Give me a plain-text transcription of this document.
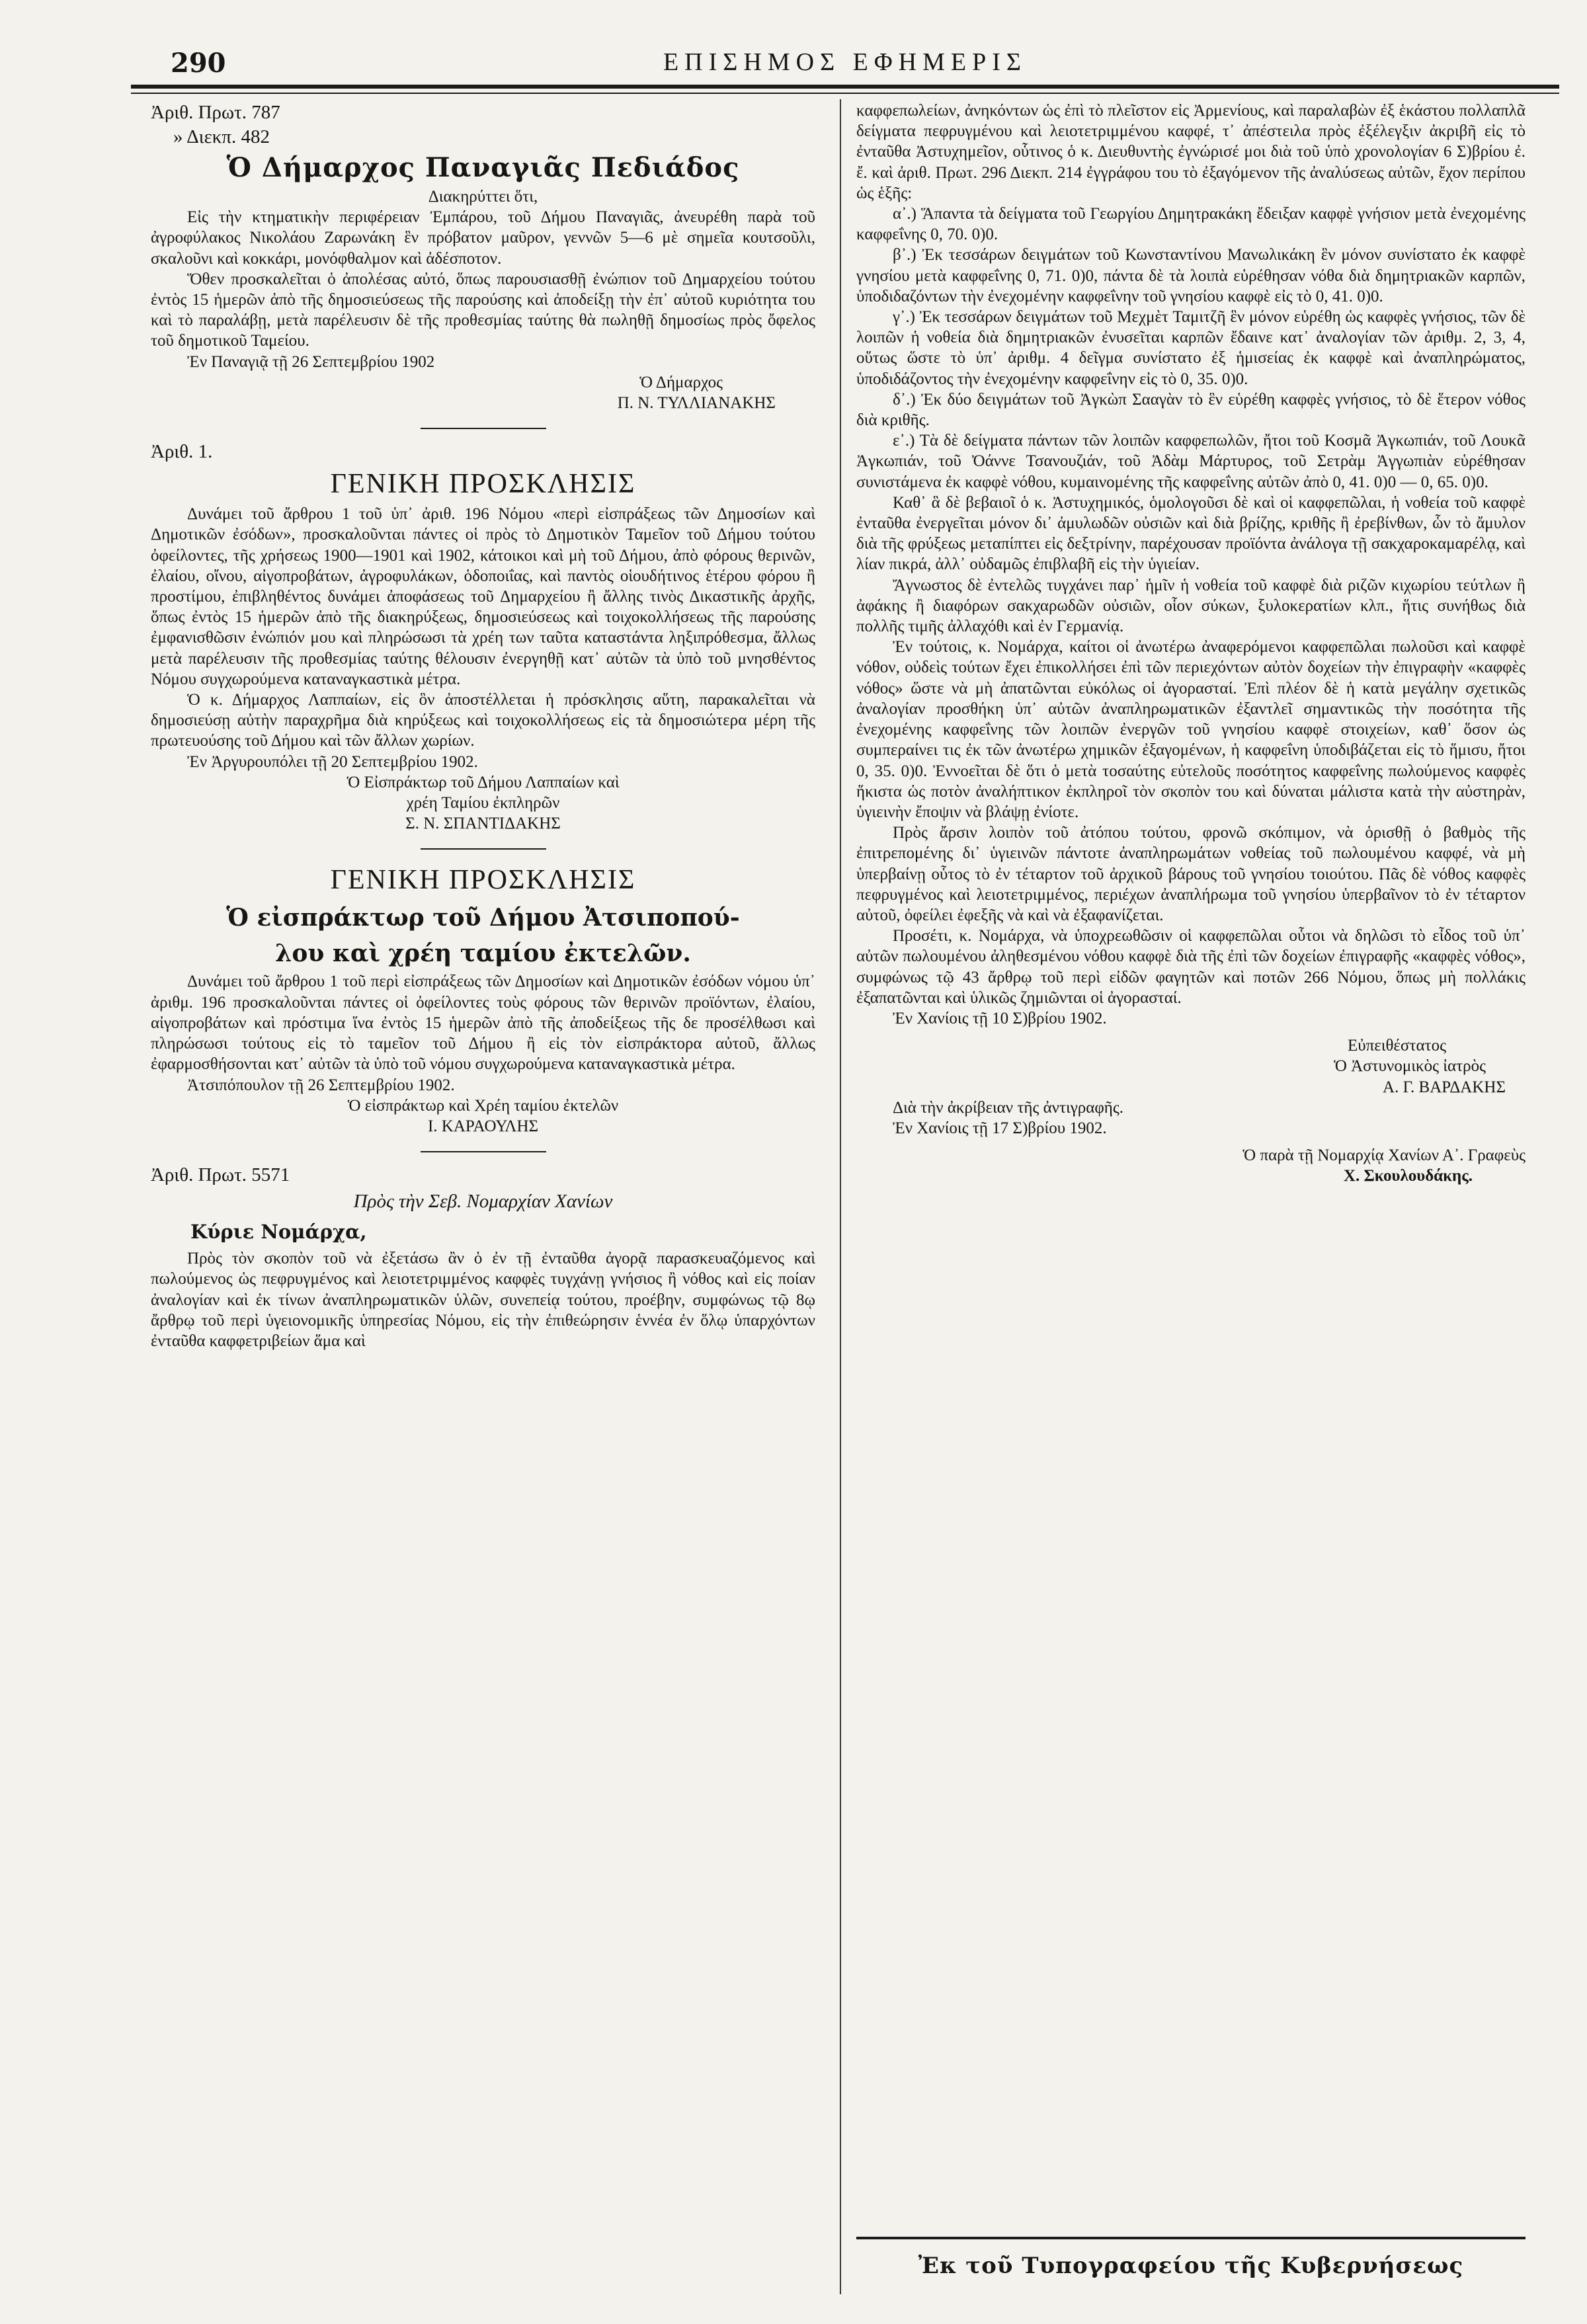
ΕΠΙΣΗΜΟΣ ΕΦΗΜΕΡΙΣ
290

Ἀριθ. Πρωτ. 787

» Διεκπ. 482

Ὁ Δήμαρχος Παναγιᾶς Πεδιάδος

Διακηρύττει ὅτι,

Εἰς τὴν κτηματικὴν περιφέρειαν Ἐμπάρου, τοῦ Δήμου Παναγιᾶς, ἀνευρέθη παρὰ τοῦ ἀγροφύλακος Νικολάου Ζαρωνάκη ἓν πρόβατον μαῦρον, γεννῶν 5—6 μὲ σημεῖα κουτσοῦλι, σκαλοῦνι καὶ κοκκάρι, μονόφθαλμον καὶ ἀδέσποτον.

Ὅθεν προσκαλεῖται ὁ ἀπολέσας αὐτό, ὅπως παρουσιασθῇ ἐνώπιον τοῦ Δημαρχείου τούτου ἐντὸς 15 ἡμερῶν ἀπὸ τῆς δημοσιεύσεως τῆς παρούσης καὶ ἀποδείξῃ τὴν ἐπ᾽ αὐτοῦ κυριότητα του καὶ τὸ παραλάβῃ, μετὰ παρέλευσιν δὲ τῆς προθεσμίας ταύτης θὰ πωληθῇ δημοσίως πρὸς ὄφελος τοῦ δημοτικοῦ Ταμείου.

Ἐν Παναγιᾷ τῇ 26 Σεπτεμβρίου 1902

Ὁ Δήμαρχος

Π. Ν. ΤΥΛΛΙΑΝΑΚΗΣ

Ἀριθ. 1.

ΓΕΝΙΚΗ ΠΡΟΣΚΛΗΣΙΣ

Δυνάμει τοῦ ἄρθρου 1 τοῦ ὑπ᾽ ἀριθ. 196 Νόμου «περὶ εἰσπράξεως τῶν Δημοσίων καὶ Δημοτικῶν ἐσόδων», προσκαλοῦνται πάντες οἱ πρὸς τὸ Δημοτικὸν Ταμεῖον τοῦ Δήμου τούτου ὀφείλοντες, τῆς χρήσεως 1900—1901 καὶ 1902, κάτοικοι καὶ μὴ τοῦ Δήμου, ἀπὸ φόρους θερινῶν, ἐλαίου, οἴνου, αἰγοπροβάτων, ἀγροφυλάκων, ὁδοποιΐας, καὶ παντὸς οἱουδήτινος ἑτέρου φόρου ἢ προστίμου, ἐπιβληθέντος δυνάμει ἀποφάσεως τοῦ Δημαρχείου ἢ ἄλλης τινὸς Δικαστικῆς ἀρχῆς, ὅπως ἐντὸς 15 ἡμερῶν ἀπὸ τῆς διακηρύξεως, δημοσιεύσεως καὶ τοιχοκολλήσεως τῆς παρούσης ἐμφανισθῶσιν ἐνώπιόν μου καὶ πληρώσωσι τὰ χρέη των ταῦτα καταστάντα ληξιπρόθεσμα, ἄλλως μετὰ παρέλευσιν τῆς προθεσμίας ταύτης θέλουσιν ἐνεργηθῇ κατ᾽ αὐτῶν τὰ ὑπὸ τοῦ μνησθέντος Νόμου συγχωρούμενα καταναγκαστικὰ μέτρα.

Ὁ κ. Δήμαρχος Λαππαίων, εἰς ὃν ἀποστέλλεται ἡ πρόσκλησις αὕτη, παρακαλεῖται νὰ δημοσιεύσῃ αὐτὴν παραχρῆμα διὰ κηρύξεως καὶ τοιχοκολλήσεως εἰς τὰ δημοσιώτερα μέρη τῆς πρωτευούσης τοῦ Δήμου καὶ τῶν ἄλλων χωρίων.

Ἐν Ἀργυρουπόλει τῇ 20 Σεπτεμβρίου 1902.

Ὁ Εἰσπράκτωρ τοῦ Δήμου Λαππαίων καὶ

χρέη Ταμίου ἐκπληρῶν

Σ. Ν. ΣΠΑΝΤΙΔΑΚΗΣ

ΓΕΝΙΚΗ ΠΡΟΣΚΛΗΣΙΣ

Ὁ εἰσπράκτωρ τοῦ Δήμου Ἀτσιποπού-

λου καὶ χρέη ταμίου ἐκτελῶν.

Δυνάμει τοῦ ἄρθρου 1 τοῦ περὶ εἰσπράξεως τῶν Δημοσίων καὶ Δημοτικῶν ἐσόδων νόμου ὑπ᾽ ἀριθμ. 196 προσκαλοῦνται πάντες οἱ ὀφείλοντες τοὺς φόρους τῶν θερινῶν προϊόντων, ἐλαίου, αἰγοπροβάτων καὶ πρόστιμα ἵνα ἐντὸς 15 ἡμερῶν ἀπὸ τῆς ἀποδείξεως τῆς δε προσέλθωσι καὶ πληρώσωσι τούτους εἰς τὸ ταμεῖον τοῦ Δήμου ἢ εἰς τὸν εἰσπράκτορα αὐτοῦ, ἄλλως ἐφαρμοσθήσονται κατ᾽ αὐτῶν τὰ ὑπὸ τοῦ νόμου συγχωρούμενα καταναγκαστικὰ μέτρα.

Ἀτσιπόπουλον τῇ 26 Σεπτεμβρίου 1902.

Ὁ εἰσπράκτωρ καὶ Χρέη ταμίου ἐκτελῶν

Ι. ΚΑΡΑΟΥΛΗΣ

Ἀριθ. Πρωτ. 5571

Πρὸς τὴν Σεβ. Νομαρχίαν Χανίων

Κύριε Νομάρχα,

Πρὸς τὸν σκοπὸν τοῦ νὰ ἐξετάσω ἂν ὁ ἐν τῇ ἐνταῦθα ἀγορᾷ παρασκευαζόμενος καὶ πωλούμενος ὡς πεφρυγμένος καὶ λειοτετριμμένος καφφὲς τυγχάνῃ γνήσιος ἢ νόθος καὶ εἰς ποίαν ἀναλογίαν καὶ ἐκ τίνων ἀναπληρωματικῶν ὑλῶν, συνεπείᾳ τούτου, προέβην, συμφώνως τῷ 8ῳ ἄρθρῳ τοῦ περὶ ὑγειονομικῆς ὑπηρεσίας Νόμου, εἰς τὴν ἐπιθεώρησιν ἑννέα ἐν ὅλῳ ὑπαρχόντων ἐνταῦθα καφφετριβείων ἅμα καὶ

καφφεπωλείων, ἀνηκόντων ὡς ἐπὶ τὸ πλεῖστον εἰς Ἀρμενίους, καὶ παραλαβὼν ἐξ ἑκάστου πολλαπλᾶ δείγματα πεφρυγμένου καὶ λειοτετριμμένου καφφέ, τ᾽ ἀπέστειλα πρὸς ἐξέλεγξιν ἀκριβῆ εἰς τὸ ἐνταῦθα Ἀστυχημεῖον, οὗτινος ὁ κ. Διευθυντὴς ἐγνώρισέ μοι διὰ τοῦ ὑπὸ χρονολογίαν 6 Σ)βρίου ἐ. ἔ. καὶ ἀριθ. Πρωτ. 296 Διεκπ. 214 ἐγγράφου του τὸ ἐξαγόμενον τῆς ἀναλύσεως αὐτῶν, ἔχον περίπου ὡς ἑξῆς:

α᾽.) Ἅπαντα τὰ δείγματα τοῦ Γεωργίου Δημητρακάκη ἔδειξαν καφφὲ γνήσιον μετὰ ἐνεχομένης καφφεΐνης 0, 70. 0)0.

β᾽.) Ἐκ τεσσάρων δειγμάτων τοῦ Κωνσταντίνου Μανωλικάκη ἓν μόνον συνίστατο ἐκ καφφὲ γνησίου μετὰ καφφεΐνης 0, 71. 0)0, πάντα δὲ τὰ λοιπὰ εὑρέθησαν νόθα διὰ δημητριακῶν καρπῶν, ὑποδιδαζόντων τὴν ἐνεχομένην καφφεΐνην τοῦ γνησίου καφφὲ εἰς τὸ 0, 41. 0)0.

γ᾽.) Ἐκ τεσσάρων δειγμάτων τοῦ Μεχμὲτ Ταμιτζῆ ἓν μόνον εὑρέθη ὡς καφφὲς γνήσιος, τῶν δὲ λοιπῶν ἡ νοθεία διὰ δημητριακῶν ἐνυσεῖται καρπῶν ἔδαινε κατ᾽ ἀναλογίαν τῶν ἀριθμ. 2, 3, 4, οὕτως ὥστε τὸ ὑπ᾽ ἀριθμ. 4 δεῖγμα συνίστατο ἐξ ἡμισείας ἐκ καφφὲ καὶ ἀναπληρώματος, ὑποδιδάζοντος τὴν ἐνεχομένην καφφεΐνην εἰς τὸ 0, 35. 0)0.

δ᾽.) Ἐκ δύο δειγμάτων τοῦ Ἀγκὼπ Σααγὰν τὸ ἓν εὑρέθη καφφὲς γνήσιος, τὸ δὲ ἕτερον νόθος διὰ κριθῆς.

ε᾽.) Τὰ δὲ δείγματα πάντων τῶν λοιπῶν καφφεπωλῶν, ἤτοι τοῦ Κοσμᾶ Ἀγκωπιάν, τοῦ Λουκᾶ Ἀγκωπιάν, τοῦ Ὀάννε Τσανουζιάν, τοῦ Ἀδὰμ Μάρτυρος, τοῦ Σετρὰμ Ἀγγωπιὰν εὑρέθησαν συνιστάμενα ἐκ καφφὲ νόθου, κυμαινομένης τῆς καφφεΐνης αὐτῶν ἀπὸ 0, 41. 0)0 — 0, 65. 0)0.

Καθ᾽ ἃ δὲ βεβαιοῖ ὁ κ. Ἀστυχημικός, ὁμολογοῦσι δὲ καὶ οἱ καφφεπῶλαι, ἡ νοθεία τοῦ καφφὲ ἐνταῦθα ἐνεργεῖται μόνον δι᾽ ἀμυλωδῶν οὐσιῶν καὶ διὰ βρίζης, κριθῆς ἢ ἐρεβίνθων, ὧν τὸ ἄμυλον διὰ τῆς φρύξεως μεταπίπτει εἰς δεξτρίνην, παρέχουσαν προϊόντα ἀνάλογα τῇ σακχαροκαμαρέλᾳ, καὶ λίαν πικρά, ἀλλ᾽ οὐδαμῶς ἐπιβλαβῆ εἰς τὴν ὑγιείαν.

Ἄγνωστος δὲ ἐντελῶς τυγχάνει παρ᾽ ἡμῖν ἡ νοθεία τοῦ καφφὲ διὰ ριζῶν κιχωρίου τεύτλων ἢ ἀφάκης ἢ διαφόρων σακχαρωδῶν οὐσιῶν, οἷον σύκων, ξυλοκερατίων κλπ., ἥτις συνήθως διὰ πολλῆς τιμῆς ἀλλαχόθι καὶ ἐν Γερμανίᾳ.

Ἐν τούτοις, κ. Νομάρχα, καίτοι οἱ ἀνωτέρω ἀναφερόμενοι καφφεπῶλαι πωλοῦσι καὶ καφφὲ νόθον, οὐδεὶς τούτων ἔχει ἐπικολλήσει ἐπὶ τῶν περιεχόντων αὐτὸν δοχείων τὴν ἐπιγραφὴν «καφφὲς νόθος» ὥστε νὰ μὴ ἀπατῶνται εὐκόλως οἱ ἀγορασταί. Ἐπὶ πλέον δὲ ἡ κατὰ μεγάλην σχετικῶς ἀναλογίαν προσθήκη ὑπ᾽ αὐτῶν ἀναπληρωματικῶν ἐξαντλεῖ σημαντικῶς τὴν ποσότητα τῆς ἐνεχομένης καφφεΐνης τῶν λοιπῶν ἐνεργῶν τοῦ γνησίου καφφὲ στοιχείων, καθ᾽ ὅσον ὡς συμπεραίνει τις ἐκ τῶν ἀνωτέρω χημικῶν ἐξαγομένων, ἡ καφφεΐνη ὑποδιβάζεται εἰς τὸ ἥμισυ, ἤτοι 0, 35. 0)0. Ἐννοεῖται δὲ ὅτι ὁ μετὰ τοσαύτης εὐτελοῦς ποσότητος καφφεΐνης πωλούμενος καφφὲς ἥκιστα ὡς ποτὸν ἀναλήπτικον ἐκπληροῖ τὸν σκοπὸν του καὶ δύναται μάλιστα κατὰ τὴν αὐστηρὰν, ὑγιεινὴν ἔποψιν νὰ βλάψῃ ἐνίοτε.

Πρὸς ἄρσιν λοιπὸν τοῦ ἀτόπου τούτου, φρονῶ σκόπιμον, νὰ ὁρισθῇ ὁ βαθμὸς τῆς ἐπιτρεπομένης δι᾽ ὑγιεινῶν πάντοτε ἀναπληρωμάτων νοθείας τοῦ πωλουμένου καφφέ, νὰ μὴ ὑπερβαίνῃ οὗτος τὸ ἐν τέταρτον τοῦ ἀρχικοῦ βάρους τοῦ γνησίου τοιούτου. Πᾶς δὲ νόθος καφφὲς πεφρυγμένος καὶ λειοτετριμμένος, περιέχων ἀναπλήρωμα τοῦ γνησίου ὑπερβαῖνον τὸ ἐν τέταρτον αὐτοῦ, ὀφείλει ἐφεξῆς νὰ καὶ νὰ ἐξαφανίζεται.

Προσέτι, κ. Νομάρχα, νὰ ὑποχρεωθῶσιν οἱ καφφεπῶλαι οὗτοι νὰ δηλῶσι τὸ εἶδος τοῦ ὑπ᾽ αὐτῶν πωλουμένου ἀληθεσμένου νόθου καφφὲ διὰ τῆς ἐπὶ τῶν δοχείων ἐπιγραφῆς «καφφὲς νόθος», συμφώνως τῷ 43 ἄρθρῳ τοῦ περὶ εἰδῶν φαγητῶν καὶ ποτῶν 266 Νόμου, ὅπως μὴ πολλάκις ἐξαπατῶνται καὶ ὑλικῶς ζημιῶνται οἱ ἀγορασταί.

Ἐν Χανίοις τῇ 10 Σ)βρίου 1902.

Εὐπειθέστατος

Ὁ Ἀστυνομικὸς ἰατρὸς

Α. Γ. ΒΑΡΔΑΚΗΣ

Διὰ τὴν ἀκρίβειαν τῆς ἀντιγραφῆς.

Ἐν Χανίοις τῇ 17 Σ)βρίου 1902.

Ὁ παρὰ τῇ Νομαρχίᾳ Χανίων Α᾽. Γραφεὺς

Χ. Σκουλουδάκης.

Ἐκ τοῦ Τυπογραφείου τῆς Κυβερνήσεως
